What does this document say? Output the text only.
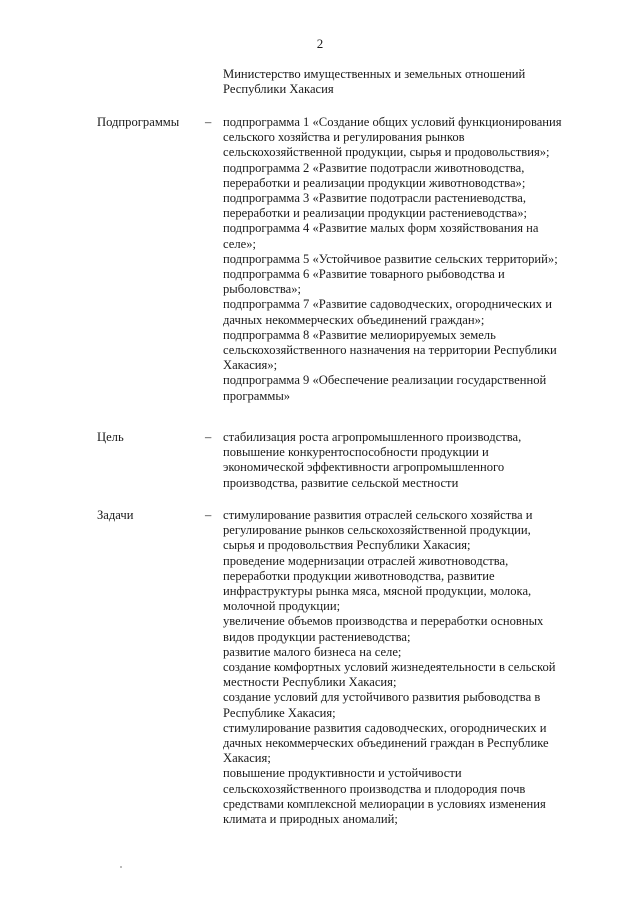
2
Министерство имущественных и земельных отношений
Республики Хакасия
Подпрограммы – подпрограмма 1 «Создание общих условий функционирования
сельского хозяйства и регулирования рынков
сельскохозяйственной продукции, сырья и продовольствия»;
подпрограмма 2 «Развитие подотрасли животноводства,
переработки и реализации продукции животноводства»;
подпрограмма 3 «Развитие подотрасли растениеводства,
переработки и реализации продукции растениеводства»;
подпрограмма 4 «Развитие малых форм хозяйствования на
селе»;
подпрограмма 5 «Устойчивое развитие сельских территорий»;
подпрограмма 6 «Развитие товарного рыбоводства и
рыболовства»;
подпрограмма 7 «Развитие садоводческих, огороднических и
дачных некоммерческих объединений граждан»;
подпрограмма 8 «Развитие мелиорируемых земель
сельскохозяйственного назначения на территории Республики
Хакасия»;
подпрограмма 9 «Обеспечение реализации государственной
программы»
Цель	– стабилизация роста агропромышленного производства,
повышение конкурентоспособности продукции и
экономической эффективности агропромышленного
производства, развитие сельской местности
Задачи	– стимулирование развития отраслей сельского хозяйства и
регулирование рынков сельскохозяйственной продукции,
сырья и продовольствия Республики Хакасия;
проведение модернизации отраслей животноводства,
переработки продукции животноводства, развитие
инфраструктуры рынка мяса, мясной продукции, молока,
молочной продукции;
увеличение объемов производства и переработки основных
видов продукции растениеводства;
развитие малого бизнеса на селе;
создание комфортных условий жизнедеятельности в сельской
местности Республики Хакасия;
создание условий для устойчивого развития рыбоводства в
Республике Хакасия;
стимулирование развития садоводческих, огороднических и
дачных некоммерческих объединений граждан в Республике
Хакасия;
повышение продуктивности и устойчивости
сельскохозяйственного производства и плодородия почв
средствами комплексной мелиорации в условиях изменения
климата и природных аномалий;
